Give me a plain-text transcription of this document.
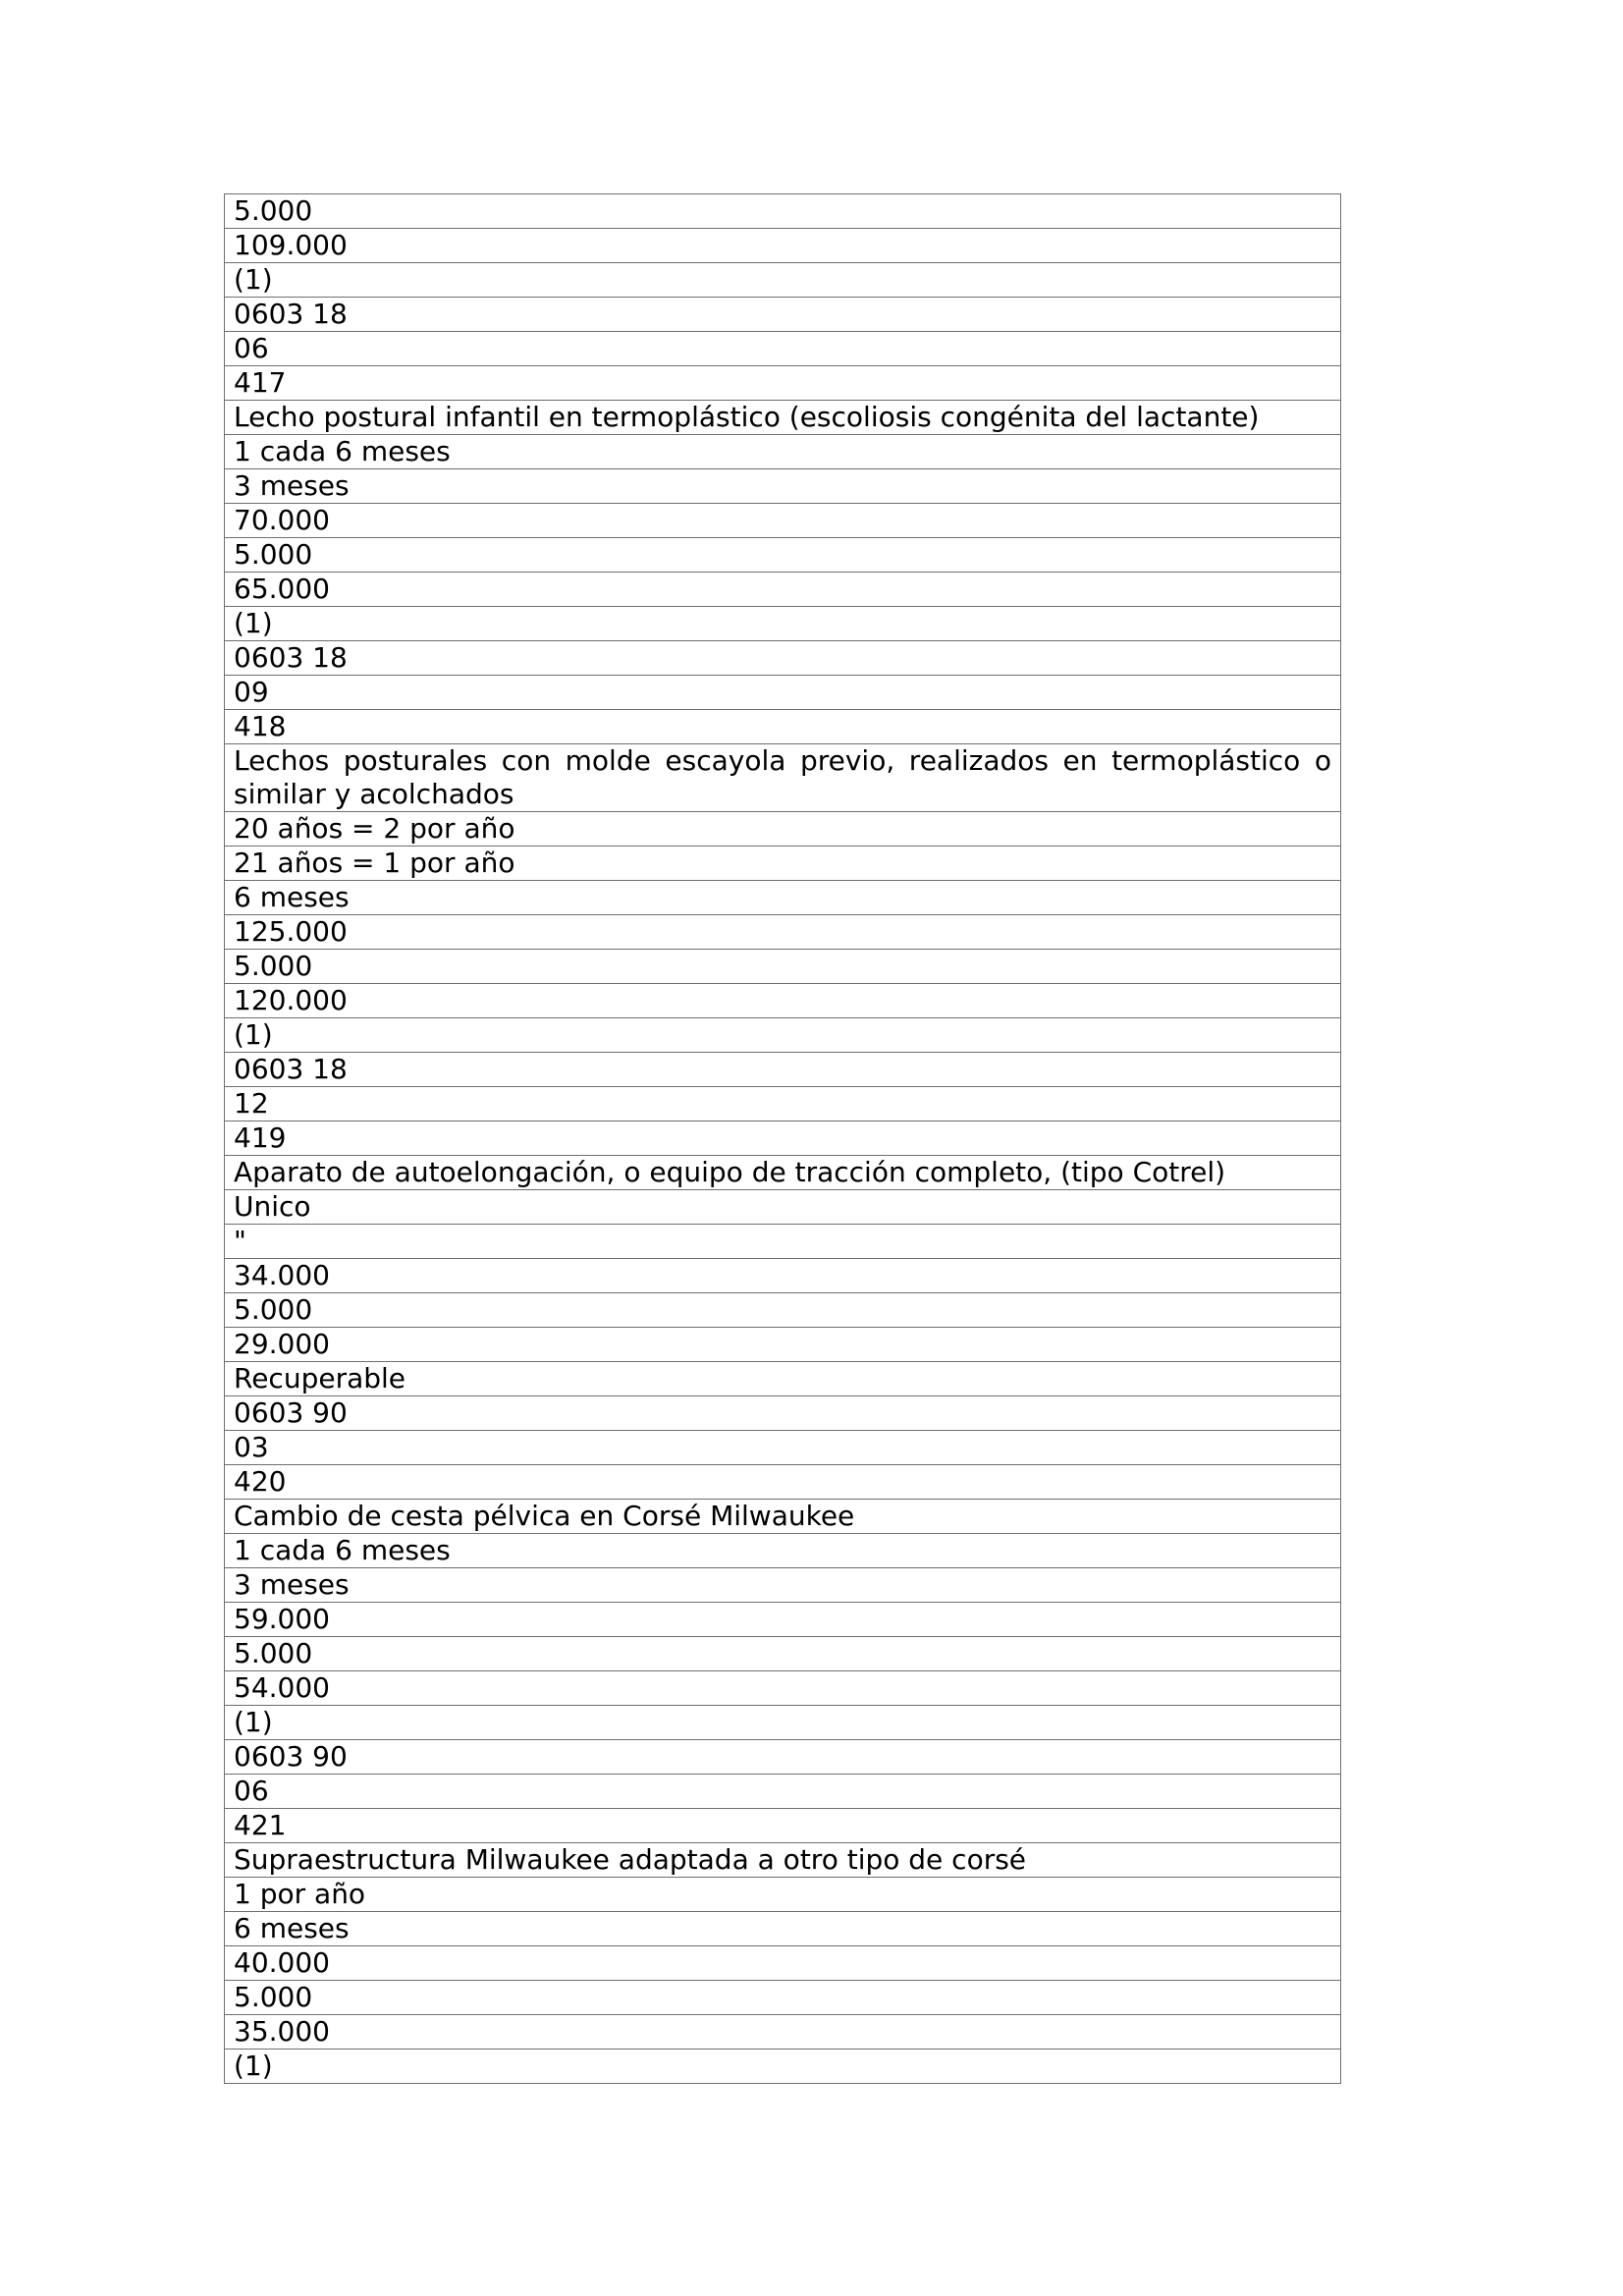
5.000
109.000
(1)
0603 18
06
417
Lecho postural infantil en termoplástico (escoliosis congénita del lactante)
1 cada 6 meses
3 meses
70.000
5.000
65.000
(1)
0603 18
09
418
Lechos posturales con molde escayola previo, realizados en termoplástico o similar y acolchados
20 años = 2 por año
21 años = 1 por año
6 meses
125.000
5.000
120.000
(1)
0603 18
12
419
Aparato de autoelongación, o equipo de tracción completo, (tipo Cotrel)
Unico
"
34.000
5.000
29.000
Recuperable
0603 90
03
420
Cambio de cesta pélvica en Corsé Milwaukee
1 cada 6 meses
3 meses
59.000
5.000
54.000
(1)
0603 90
06
421
Supraestructura Milwaukee adaptada a otro tipo de corsé
1 por año
6 meses
40.000
5.000
35.000
(1)
